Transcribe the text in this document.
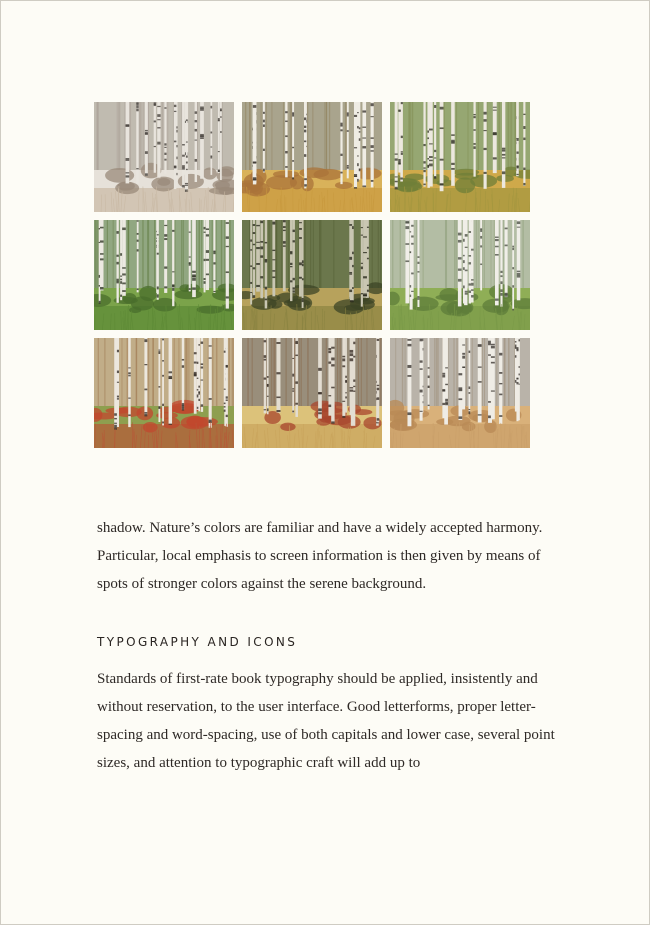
shadow. Nature’s colors are familiar and have a widely accepted harmony. Particular, local emphasis to screen information is then given by means of spots of stronger colors against the serene background.

TYPOGRAPHY AND ICONS

Standards of first-rate book typography should be applied, insistently and without reservation, to the user interface. Good letterforms, proper letter-spacing and word-spacing, use of both capitals and lower case, several point sizes, and attention to typographic craft will add up to
